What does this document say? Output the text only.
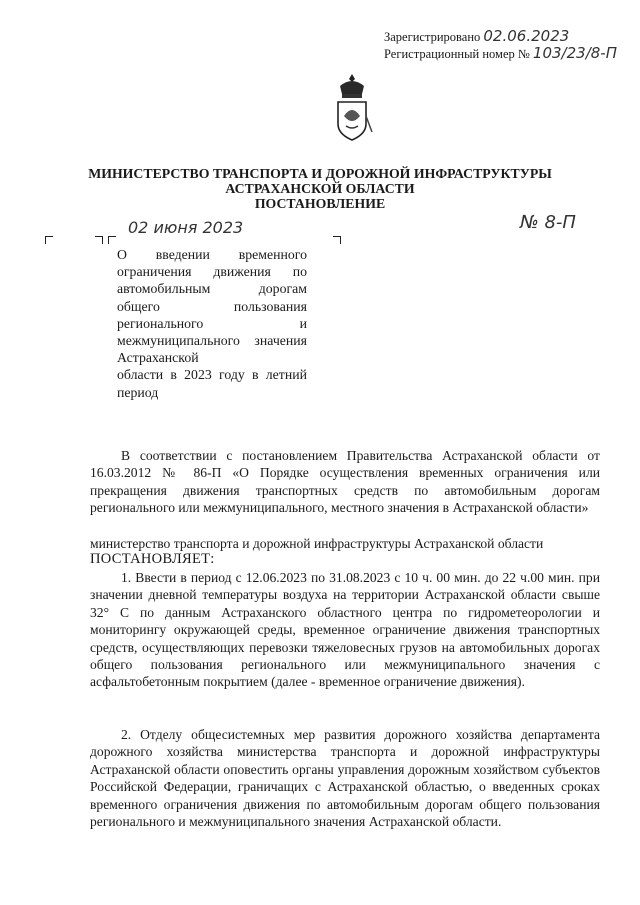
Зарегистрировано 02.06.2023
Регистрационный номер № 103/23/8-П
МИНИСТЕРСТВО ТРАНСПОРТА И ДОРОЖНОЙ ИНФРАСТРУКТУРЫ
АСТРАХАНСКОЙ ОБЛАСТИ
ПОСТАНОВЛЕНИЕ
02 июня 2023	№ 8-П
О введении временного ограничения движения по автомобильным дорогам общего пользования регионального и межмуниципального значения Астраханской
области в 2023 году в летний период
В соответствии с постановлением Правительства Астраханской области от 16.03.2012 № 86-П «О Порядке осуществления временных ограничения или прекращения движения транспортных средств по автомобильным дорогам регионального или межмуниципального, местного значения в Астраханской области»
министерство транспорта и дорожной инфраструктуры Астраханской области
ПОСТАНОВЛЯЕТ:
1. Ввести в период с 12.06.2023 по 31.08.2023 с 10 ч. 00 мин. до 22 ч.00 мин. при значении дневной температуры воздуха на территории Астраханской области свыше 32° С по данным Астраханского областного центра по гидрометеорологии и мониторингу окружающей среды, временное ограничение движения транспортных средств, осуществляющих перевозки тяжеловесных грузов на автомобильных дорогах общего пользования регионального или межмуниципального значения с асфальтобетонным покрытием (далее - временное ограничение движения).
2. Отделу общесистемных мер развития дорожного хозяйства департамента дорожного хозяйства министерства транспорта и дорожной инфраструктуры Астраханской области оповестить органы управления дорожным хозяйством субъектов Российской Федерации, граничащих с Астраханской областью, о введенных сроках временного ограничения движения по автомобильным дорогам общего пользования регионального и межмуниципального значения Астраханской области.
